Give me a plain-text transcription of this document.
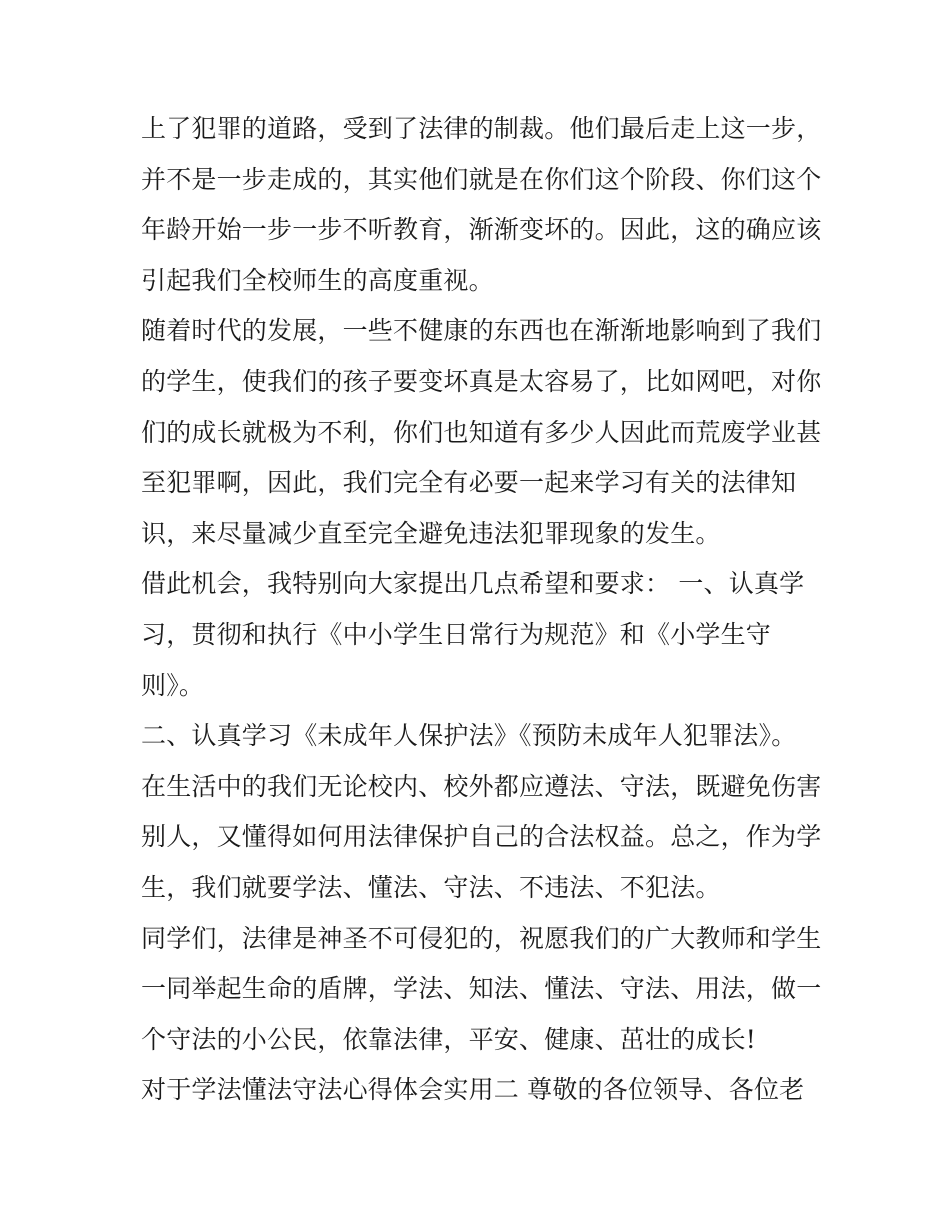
上了犯罪的道路，受到了法律的制裁。他们最后走上这一步，
并不是一步走成的，其实他们就是在你们这个阶段、你们这个
年龄开始一步一步不听教育，渐渐变坏的。因此，这的确应该
引起我们全校师生的高度重视。
随着时代的发展，一些不健康的东西也在渐渐地影响到了我们
的学生，使我们的孩子要变坏真是太容易了，比如网吧，对你
们的成长就极为不利，你们也知道有多少人因此而荒废学业甚
至犯罪啊，因此，我们完全有必要一起来学习有关的法律知
识，来尽量减少直至完全避免违法犯罪现象的发生。
借此机会，我特别向大家提出几点希望和要求： 一、认真学
习，贯彻和执行《中小学生日常行为规范》和《小学生守
则》。
二、认真学习《未成年人保护法》《预防未成年人犯罪法》。
在生活中的我们无论校内、校外都应遵法、守法，既避免伤害
别人，又懂得如何用法律保护自己的合法权益。总之，作为学
生，我们就要学法、懂法、守法、不违法、不犯法。
同学们，法律是神圣不可侵犯的，祝愿我们的广大教师和学生
一同举起生命的盾牌，学法、知法、懂法、守法、用法，做一
个守法的小公民，依靠法律，平安、健康、茁壮的成长!
对于学法懂法守法心得体会实用二 尊敬的各位领导、各位老
